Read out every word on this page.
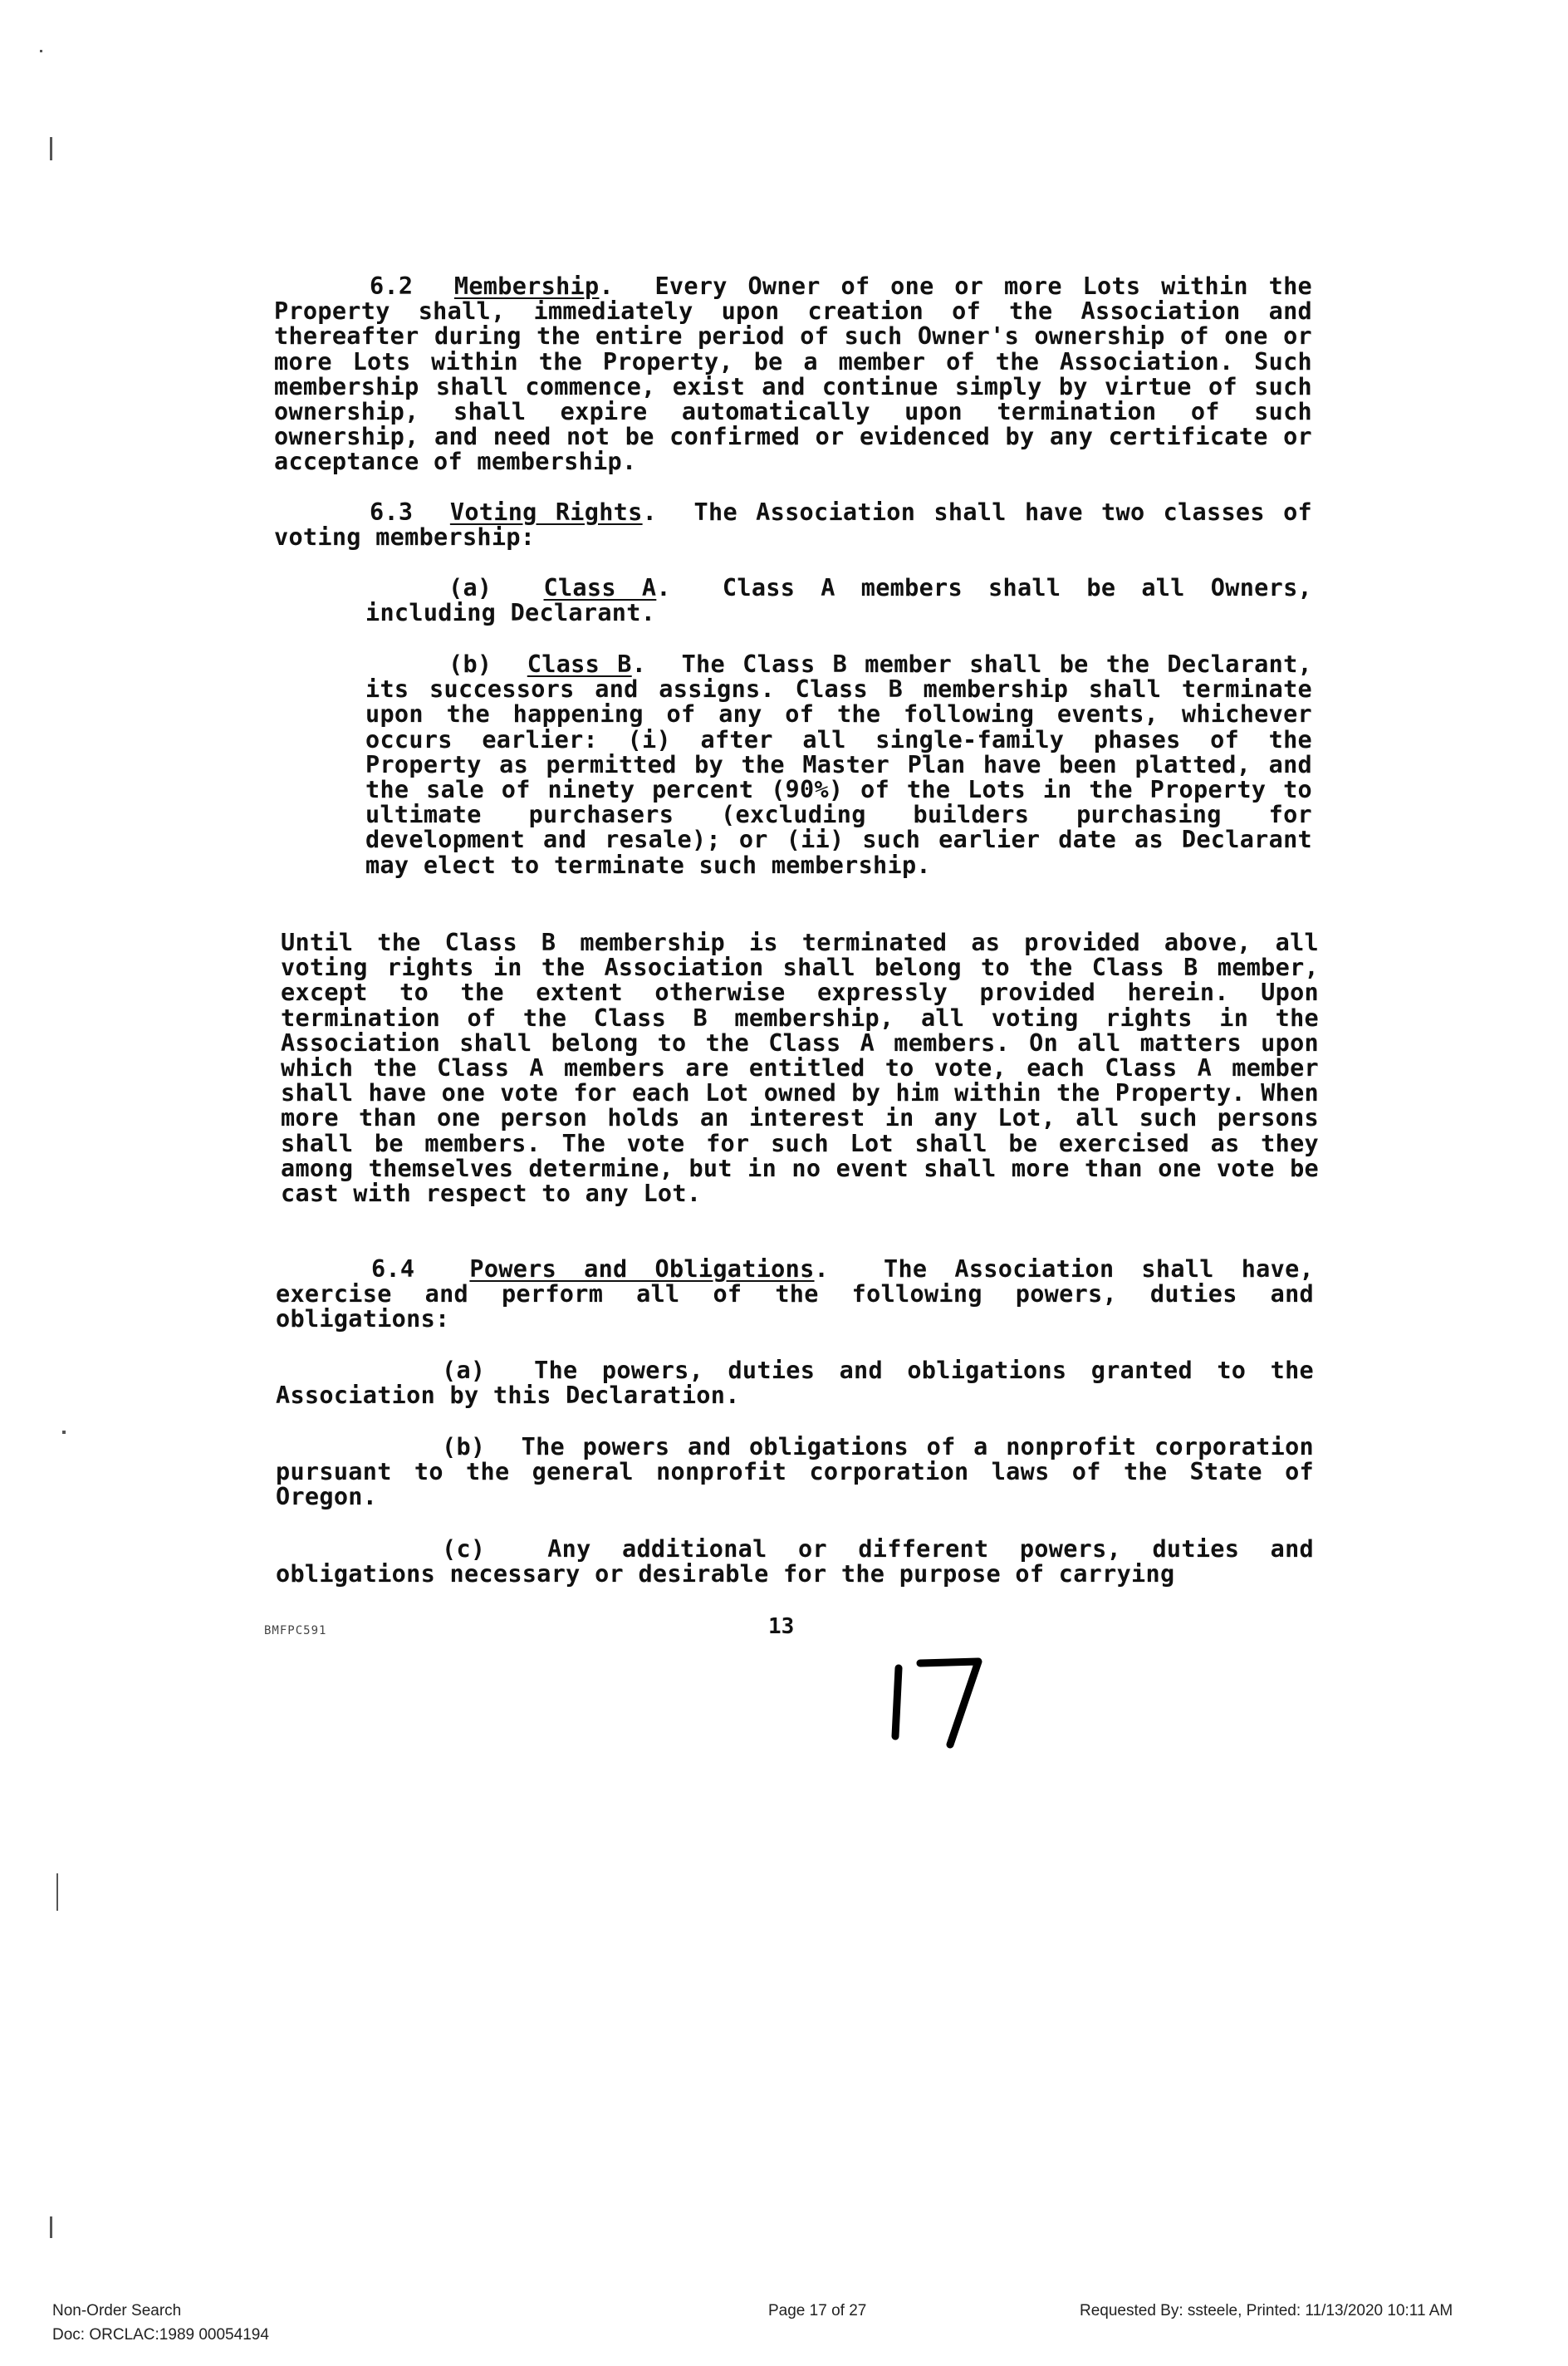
6.2 Membership.  Every Owner of one or more Lots within the Property shall, immediately upon creation of the Association and thereafter during the entire period of such Owner's ownership of one or more Lots within the Property, be a member of the Association. Such membership shall commence, exist and continue simply by virtue of such ownership, shall expire automatically upon termination of such ownership, and need not be confirmed or evidenced by any certificate or acceptance of membership.

6.3 Voting Rights.  The Association shall have two classes of voting membership:

(a) Class A.  Class A members shall be all Owners, including Declarant.

(b) Class B.  The Class B member shall be the Declarant, its successors and assigns. Class B membership shall terminate upon the happening of any of the following events, whichever occurs earlier: (i) after all single-family phases of the Property as permitted by the Master Plan have been platted, and the sale of ninety percent (90%) of the Lots in the Property to ultimate purchasers (excluding builders purchasing for development and resale); or (ii) such earlier date as Declarant may elect to terminate such membership.

Until the Class B membership is terminated as provided above, all voting rights in the Association shall belong to the Class B member, except to the extent otherwise expressly provided herein. Upon termination of the Class B membership, all voting rights in the Association shall belong to the Class A members. On all matters upon which the Class A members are entitled to vote, each Class A member shall have one vote for each Lot owned by him within the Property. When more than one person holds an interest in any Lot, all such persons shall be members. The vote for such Lot shall be exercised as they among themselves determine, but in no event shall more than one vote be cast with respect to any Lot.

6.4 Powers and Obligations.  The Association shall have, exercise and perform all of the following powers, duties and obligations:

(a) The powers, duties and obligations granted to the Association by this Declaration.

(b) The powers and obligations of a nonprofit corporation pursuant to the general nonprofit corporation laws of the State of Oregon.

(c)	Any additional or different powers, duties and obligations necessary or desirable for the purpose of carrying

BMFPC591	13
Non-Order Search
Doc: ORCLAC:1989 00054194
Page 17 of 27	Requested By: ssteele, Printed: 11/13/2020 10:11 AM
